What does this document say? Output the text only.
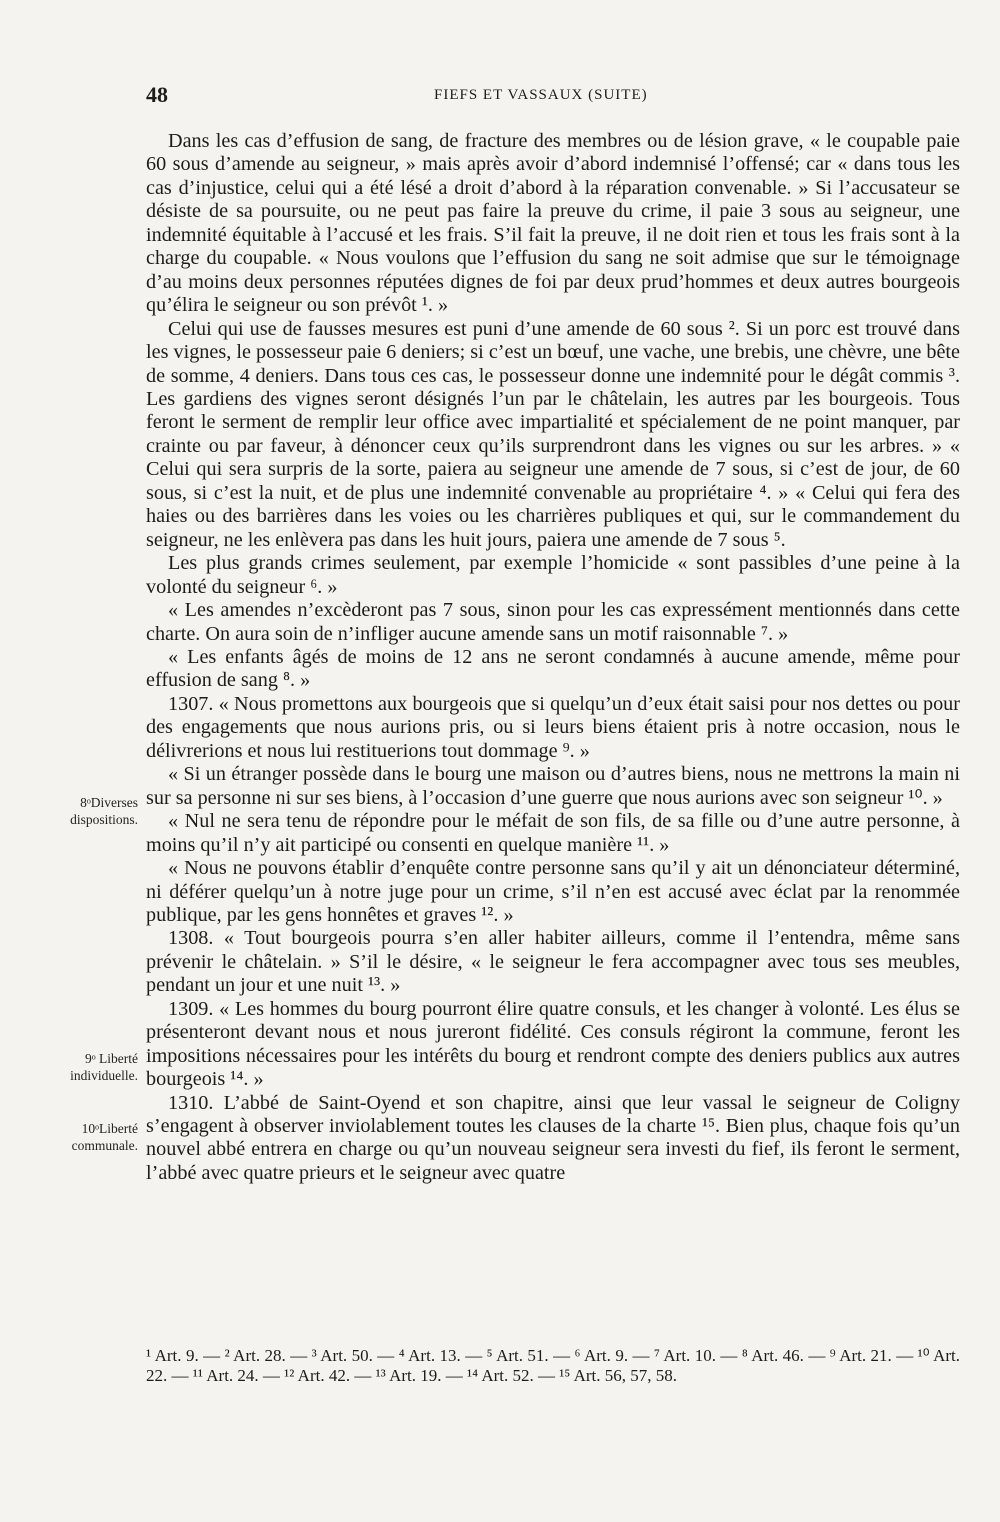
48	FIEFS ET VASSAUX (SUITE)

Dans les cas d’effusion de sang, de fracture des membres ou de lésion grave, « le coupable paie 60 sous d’amende au seigneur, » mais après avoir d’abord indemnisé l’offensé; car « dans tous les cas d’injustice, celui qui a été lésé a droit d’abord à la réparation convenable. » Si l’accusateur se désiste de sa poursuite, ou ne peut pas faire la preuve du crime, il paie 3 sous au seigneur, une indemnité équitable à l’accusé et les frais. S’il fait la preuve, il ne doit rien et tous les frais sont à la charge du coupable. « Nous voulons que l’effusion du sang ne soit admise que sur le témoignage d’au moins deux personnes réputées dignes de foi par deux prud’hommes et deux autres bourgeois qu’élira le seigneur ou son prévôt ¹. »

Celui qui use de fausses mesures est puni d’une amende de 60 sous ². Si un porc est trouvé dans les vignes, le possesseur paie 6 deniers; si c’est un bœuf, une vache, une brebis, une chèvre, une bête de somme, 4 deniers. Dans tous ces cas, le possesseur donne une indemnité pour le dégât commis ³. Les gardiens des vignes seront désignés l’un par le châtelain, les autres par les bourgeois. Tous feront le serment de remplir leur office avec impartialité et spécialement de ne point manquer, par crainte ou par faveur, à dénoncer ceux qu’ils surprendront dans les vignes ou sur les arbres. » « Celui qui sera surpris de la sorte, paiera au seigneur une amende de 7 sous, si c’est de jour, de 60 sous, si c’est la nuit, et de plus une indemnité convenable au propriétaire ⁴. » « Celui qui fera des haies ou des barrières dans les voies ou les charrières publiques et qui, sur le commandement du seigneur, ne les enlèvera pas dans les huit jours, paiera une amende de 7 sous ⁵.

Les plus grands crimes seulement, par exemple l’homicide « sont passibles d’une peine à la volonté du seigneur ⁶. »

« Les amendes n’excèderont pas 7 sous, sinon pour les cas expressément mentionnés dans cette charte. On aura soin de n’infliger aucune amende sans un motif raisonnable ⁷. »

« Les enfants âgés de moins de 12 ans ne seront condamnés à aucune amende, même pour effusion de sang ⁸. »

1307. « Nous promettons aux bourgeois que si quelqu’un d’eux était saisi pour nos dettes ou pour des engagements que nous aurions pris, ou si leurs biens étaient pris à notre occasion, nous le délivrerions et nous lui restituerions tout dommage ⁹. »

« Si un étranger possède dans le bourg une maison ou d’autres biens, nous ne mettrons la main ni sur sa personne ni sur ses biens, à l’occasion d’une guerre que nous aurions avec son seigneur ¹⁰. »

« Nul ne sera tenu de répondre pour le méfait de son fils, de sa fille ou d’une autre personne, à moins qu’il n’y ait participé ou consenti en quelque manière ¹¹. »

« Nous ne pouvons établir d’enquête contre personne sans qu’il y ait un dénonciateur déterminé, ni déférer quelqu’un à notre juge pour un crime, s’il n’en est accusé avec éclat par la renommée publique, par les gens honnêtes et graves ¹². »

1308. « Tout bourgeois pourra s’en aller habiter ailleurs, comme il l’entendra, même sans prévenir le châtelain. » S’il le désire, « le seigneur le fera accompagner avec tous ses meubles, pendant un jour et une nuit ¹³. »

1309. « Les hommes du bourg pourront élire quatre consuls, et les changer à volonté. Les élus se présenteront devant nous et nous jureront fidélité. Ces consuls régiront la commune, feront les impositions nécessaires pour les intérêts du bourg et rendront compte des deniers publics aux autres bourgeois ¹⁴. »

1310. L’abbé de Saint-Oyend et son chapitre, ainsi que leur vassal le seigneur de Coligny s’engagent à observer inviolablement toutes les clauses de la charte ¹⁵. Bien plus, chaque fois qu’un nouvel abbé entrera en charge ou qu’un nouveau seigneur sera investi du fief, ils feront le serment, l’abbé avec quatre prieurs et le seigneur avec quatre

8ᵒDiverses
dispositions.
9ᵒ Liberté
individuelle.
10ᵒLiberté
communale.
¹ Art. 9. — ² Art. 28. — ³ Art. 50. — ⁴ Art. 13. — ⁵ Art. 51. — ⁶ Art. 9. — ⁷ Art. 10. — ⁸ Art. 46. — ⁹ Art. 21. — ¹⁰ Art. 22. — ¹¹ Art. 24. — ¹² Art. 42. — ¹³ Art. 19. — ¹⁴ Art. 52. — ¹⁵ Art. 56, 57, 58.
